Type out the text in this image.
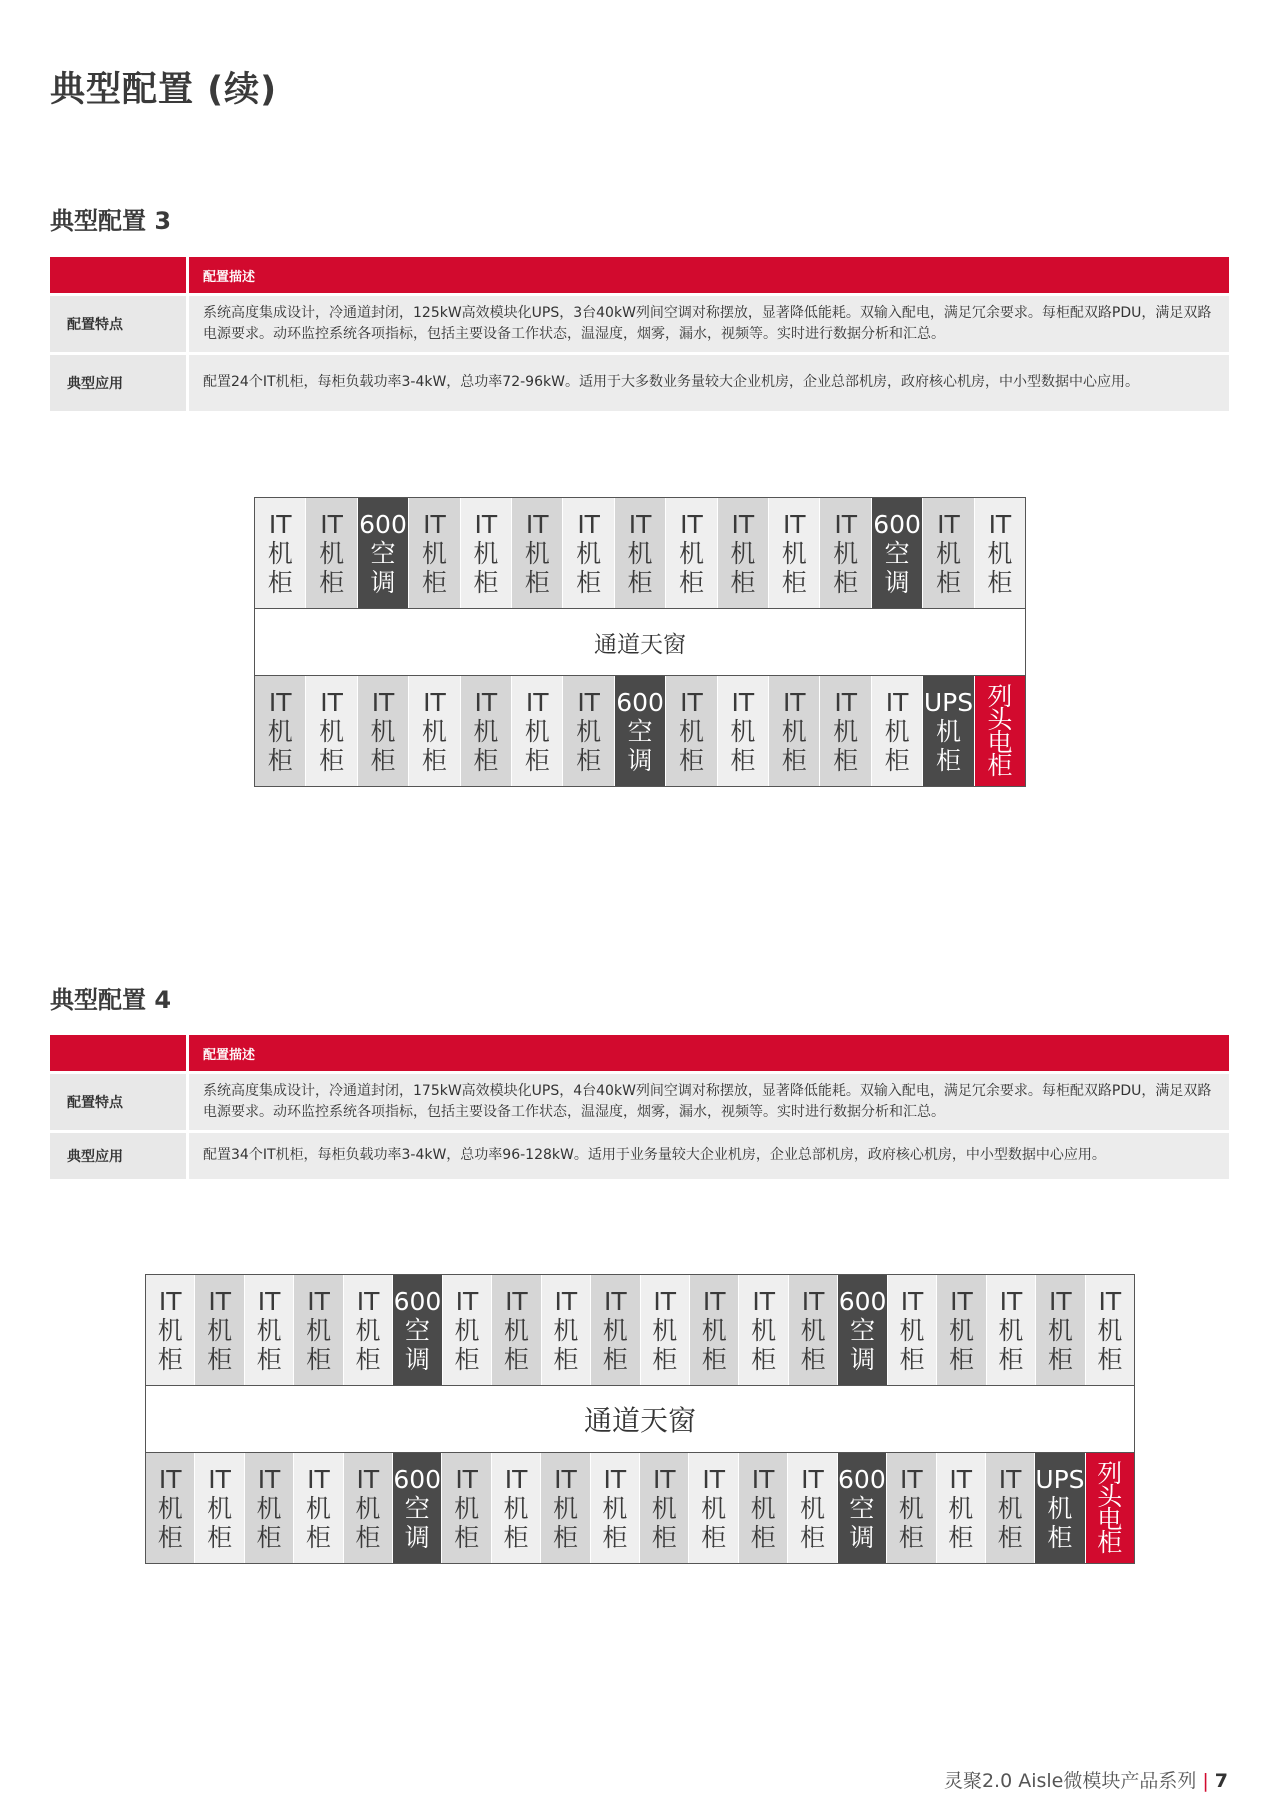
典型配置 (续)
典型配置 3
配置描述
配置特点
系统高度集成设计，冷通道封闭，125kW高效模块化UPS，3台40kW列间空调对称摆放，显著降低能耗。双输入配电，满足冗余要求。每柜配双路PDU，满足双路电源要求。动环监控系统各项指标，包括主要设备工作状态，温湿度，烟雾，漏水，视频等。实时进行数据分析和汇总。
典型应用	配置24个IT机柜，每柜负载功率3-4kW，总功率72-96kW。适用于大多数业务量较大企业机房，企业总部机房，政府核心机房，中小型数据中心应用。
IT
机
柜
IT
机
柜
600
空
调
IT
机
柜
IT
机
柜
IT
机
柜
IT
机
柜
IT
机
柜
IT
机
柜
IT
机
柜
IT
机
柜
IT
机
柜
600
空
调
IT
机
柜
IT
机
柜
通道天窗
IT
机
柜
IT
机
柜
IT
机
柜
IT
机
柜
IT
机
柜
IT
机
柜
IT
机
柜
600
空
调
IT
机
柜
IT
机
柜
IT
机
柜
IT
机
柜
IT
机
柜
UPS
机
柜
列
头
电
柜
典型配置 4
配置描述
配置特点
系统高度集成设计，冷通道封闭，175kW高效模块化UPS，4台40kW列间空调对称摆放，显著降低能耗。双输入配电，满足冗余要求。每柜配双路PDU，满足双路电源要求。动环监控系统各项指标，包括主要设备工作状态，温湿度，烟雾，漏水，视频等。实时进行数据分析和汇总。
典型应用	配置34个IT机柜，每柜负载功率3-4kW，总功率96-128kW。适用于业务量较大企业机房，企业总部机房，政府核心机房，中小型数据中心应用。
IT
机
柜
IT
机
柜
IT
机
柜
IT
机
柜
IT
机
柜
600
空
调
IT
机
柜
IT
机
柜
IT
机
柜
IT
机
柜
IT
机
柜
IT
机
柜
IT
机
柜
IT
机
柜
600
空
调
IT
机
柜
IT
机
柜
IT
机
柜
IT
机
柜
IT
机
柜
通道天窗
IT
机
柜
IT
机
柜
IT
机
柜
IT
机
柜
IT
机
柜
600
空
调
IT
机
柜
IT
机
柜
IT
机
柜
IT
机
柜
IT
机
柜
IT
机
柜
IT
机
柜
IT
机
柜
600
空
调
IT
机
柜
IT
机
柜
IT
机
柜
UPS
机
柜
列
头
电
柜
灵聚2.0 Aisle微模块产品系列 | 7
